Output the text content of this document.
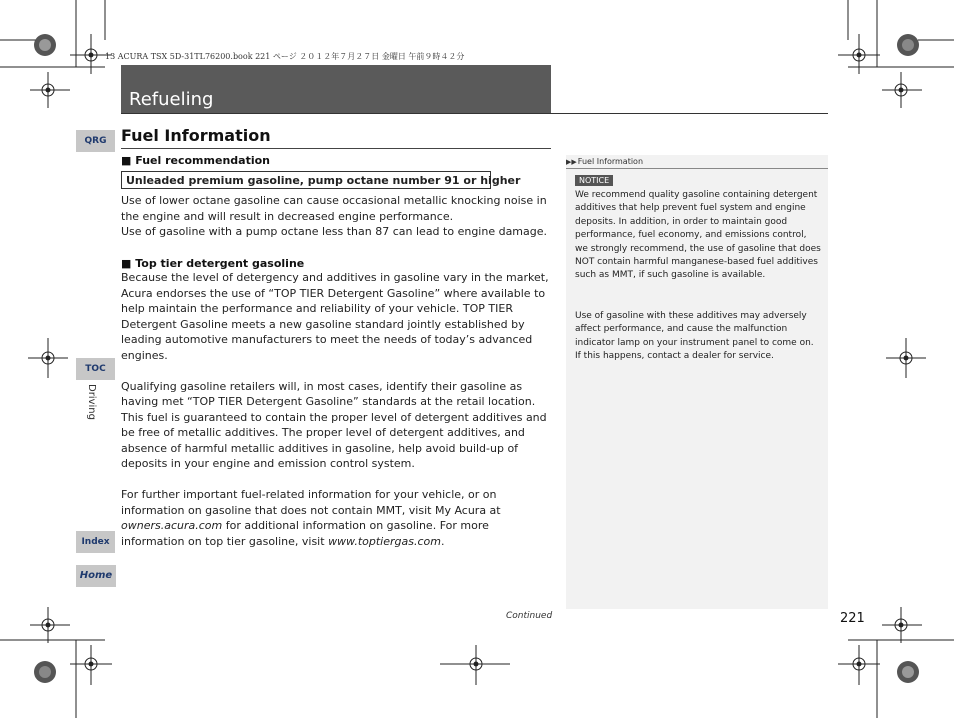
13 ACURA TSX 5D-31TL76200.book 221 ページ ２０１２年７月２７日 金曜日 午前９時４２分
Refueling
QRG
TOC
Driving
Index
Home
Fuel Information
■ Fuel recommendation
Unleaded premium gasoline, pump octane number 91 or higher

Use of lower octane gasoline can cause occasional metallic knocking noise in the engine and will result in decreased engine performance.

Use of gasoline with a pump octane less than 87 can lead to engine damage.

■ Top tier detergent gasoline

Because the level of detergency and additives in gasoline vary in the market, Acura endorses the use of “TOP TIER Detergent Gasoline” where available to help maintain the performance and reliability of your vehicle. TOP TIER Detergent Gasoline meets a new gasoline standard jointly established by leading automotive manufacturers to meet the needs of today’s advanced engines.

Qualifying gasoline retailers will, in most cases, identify their gasoline as having met “TOP TIER Detergent Gasoline” standards at the retail location. This fuel is guaranteed to contain the proper level of detergent additives and be free of metallic additives. The proper level of detergent additives, and absence of harmful metallic additives in gasoline, help avoid build-up of deposits in your engine and emission control system.

For further important fuel-related information for your vehicle, or on information on gasoline that does not contain MMT, visit My Acura at owners.acura.com for additional information on gasoline. For more information on top tier gasoline, visit www.toptiergas.com.

▶▶Fuel Information
NOTICE

We recommend quality gasoline containing detergent additives that help prevent fuel system and engine deposits. In addition, in order to maintain good performance, fuel economy, and emissions control, we strongly recommend, the use of gasoline that does NOT contain harmful manganese-based fuel additives such as MMT, if such gasoline is available.

Use of gasoline with these additives may adversely affect performance, and cause the malfunction indicator lamp on your instrument panel to come on. If this happens, contact a dealer for service.

Continued	221
